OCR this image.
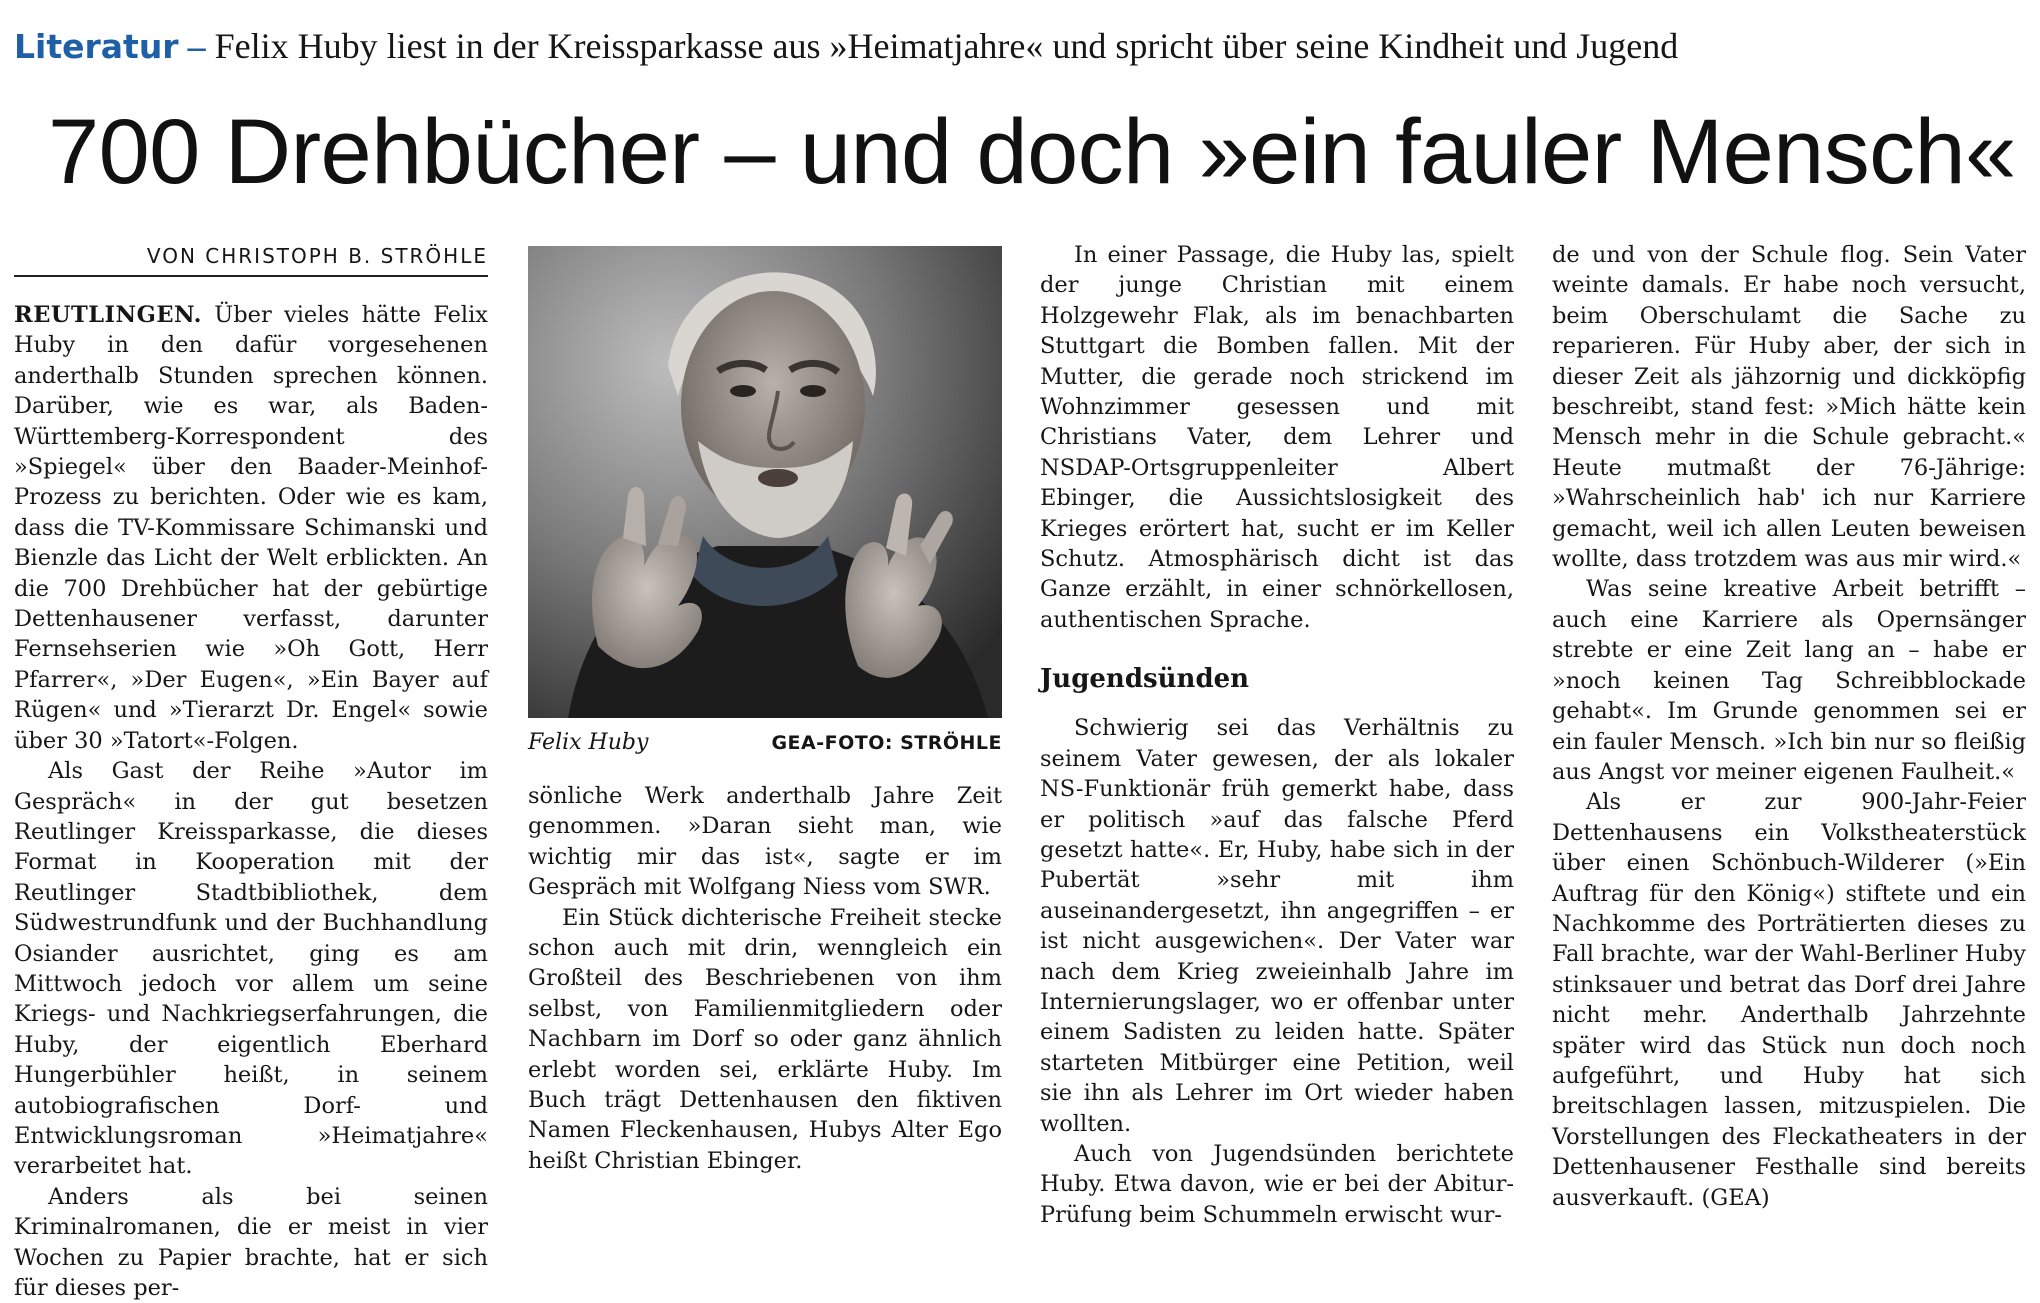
Literatur – Felix Huby liest in der Kreissparkasse aus »Heimatjahre« und spricht über seine Kindheit und Jugend
700 Drehbücher – und doch »ein fauler Mensch«
VON CHRISTOPH B. STRÖHLE

REUTLINGEN. Über vieles hätte Felix Huby in den dafür vorgesehenen anderthalb Stunden sprechen können. Darüber, wie es war, als Baden-Württemberg-Korrespondent des »Spiegel« über den Baader-Meinhof-Prozess zu berichten. Oder wie es kam, dass die TV-Kommissare Schimanski und Bienzle das Licht der Welt erblickten. An die 700 Drehbücher hat der gebürtige Dettenhausener verfasst, darunter Fernsehserien wie »Oh Gott, Herr Pfarrer«, »Der Eugen«, »Ein Bayer auf Rügen« und »Tierarzt Dr. Engel« sowie über 30 »Tatort«-Folgen.

Als Gast der Reihe »Autor im Gespräch« in der gut besetzen Reutlinger Kreissparkasse, die dieses Format in Kooperation mit der Reutlinger Stadtbibliothek, dem Südwestrundfunk und der Buchhandlung Osiander ausrichtet, ging es am Mittwoch jedoch vor allem um seine Kriegs- und Nachkriegserfahrungen, die Huby, der eigentlich Eberhard Hungerbühler heißt, in seinem autobiografischen Dorf- und Entwicklungsroman »Heimatjahre« verarbeitet hat.

Anders als bei seinen Kriminalromanen, die er meist in vier Wochen zu Papier brachte, hat er sich für dieses per-

Felix Huby	GEA-FOTO: STRÖHLE

sönliche Werk anderthalb Jahre Zeit genommen. »Daran sieht man, wie wichtig mir das ist«, sagte er im Gespräch mit Wolfgang Niess vom SWR.

Ein Stück dichterische Freiheit stecke schon auch mit drin, wenngleich ein Großteil des Beschriebenen von ihm selbst, von Familienmitgliedern oder Nachbarn im Dorf so oder ganz ähnlich erlebt worden sei, erklärte Huby. Im Buch trägt Dettenhausen den fiktiven Namen Fleckenhausen, Hubys Alter Ego heißt Christian Ebinger.

In einer Passage, die Huby las, spielt der junge Christian mit einem Holzgewehr Flak, als im benachbarten Stuttgart die Bomben fallen. Mit der Mutter, die gerade noch strickend im Wohnzimmer gesessen und mit Christians Vater, dem Lehrer und NSDAP-Ortsgruppenleiter Albert Ebinger, die Aussichtslosigkeit des Krieges erörtert hat, sucht er im Keller Schutz. Atmosphärisch dicht ist das Ganze erzählt, in einer schnörkellosen, authentischen Sprache.

Jugendsünden

Schwierig sei das Verhältnis zu seinem Vater gewesen, der als lokaler NS-Funktionär früh gemerkt habe, dass er politisch »auf das falsche Pferd gesetzt hatte«. Er, Huby, habe sich in der Pubertät »sehr mit ihm auseinandergesetzt, ihn angegriffen – er ist nicht ausgewichen«. Der Vater war nach dem Krieg zweieinhalb Jahre im Internierungslager, wo er offenbar unter einem Sadisten zu leiden hatte. Später starteten Mitbürger eine Petition, weil sie ihn als Lehrer im Ort wieder haben wollten.

Auch von Jugendsünden berichtete Huby. Etwa davon, wie er bei der Abitur-Prüfung beim Schummeln erwischt wur-

de und von der Schule flog. Sein Vater weinte damals. Er habe noch versucht, beim Oberschulamt die Sache zu reparieren. Für Huby aber, der sich in dieser Zeit als jähzornig und dickköpfig beschreibt, stand fest: »Mich hätte kein Mensch mehr in die Schule gebracht.« Heute mutmaßt der 76-Jährige: »Wahrscheinlich hab' ich nur Karriere gemacht, weil ich allen Leuten beweisen wollte, dass trotzdem was aus mir wird.«

Was seine kreative Arbeit betrifft – auch eine Karriere als Opernsänger strebte er eine Zeit lang an – habe er »noch keinen Tag Schreibblockade gehabt«. Im Grunde genommen sei er ein fauler Mensch. »Ich bin nur so fleißig aus Angst vor meiner eigenen Faulheit.«

Als er zur 900-Jahr-Feier Dettenhausens ein Volkstheaterstück über einen Schönbuch-Wilderer (»Ein Auftrag für den König«) stiftete und ein Nachkomme des Porträtierten dieses zu Fall brachte, war der Wahl-Berliner Huby stinksauer und betrat das Dorf drei Jahre nicht mehr. Anderthalb Jahrzehnte später wird das Stück nun doch noch aufgeführt, und Huby hat sich breitschlagen lassen, mitzuspielen. Die Vorstellungen des Fleckatheaters in der Dettenhausener Festhalle sind bereits ausverkauft. (GEA)
